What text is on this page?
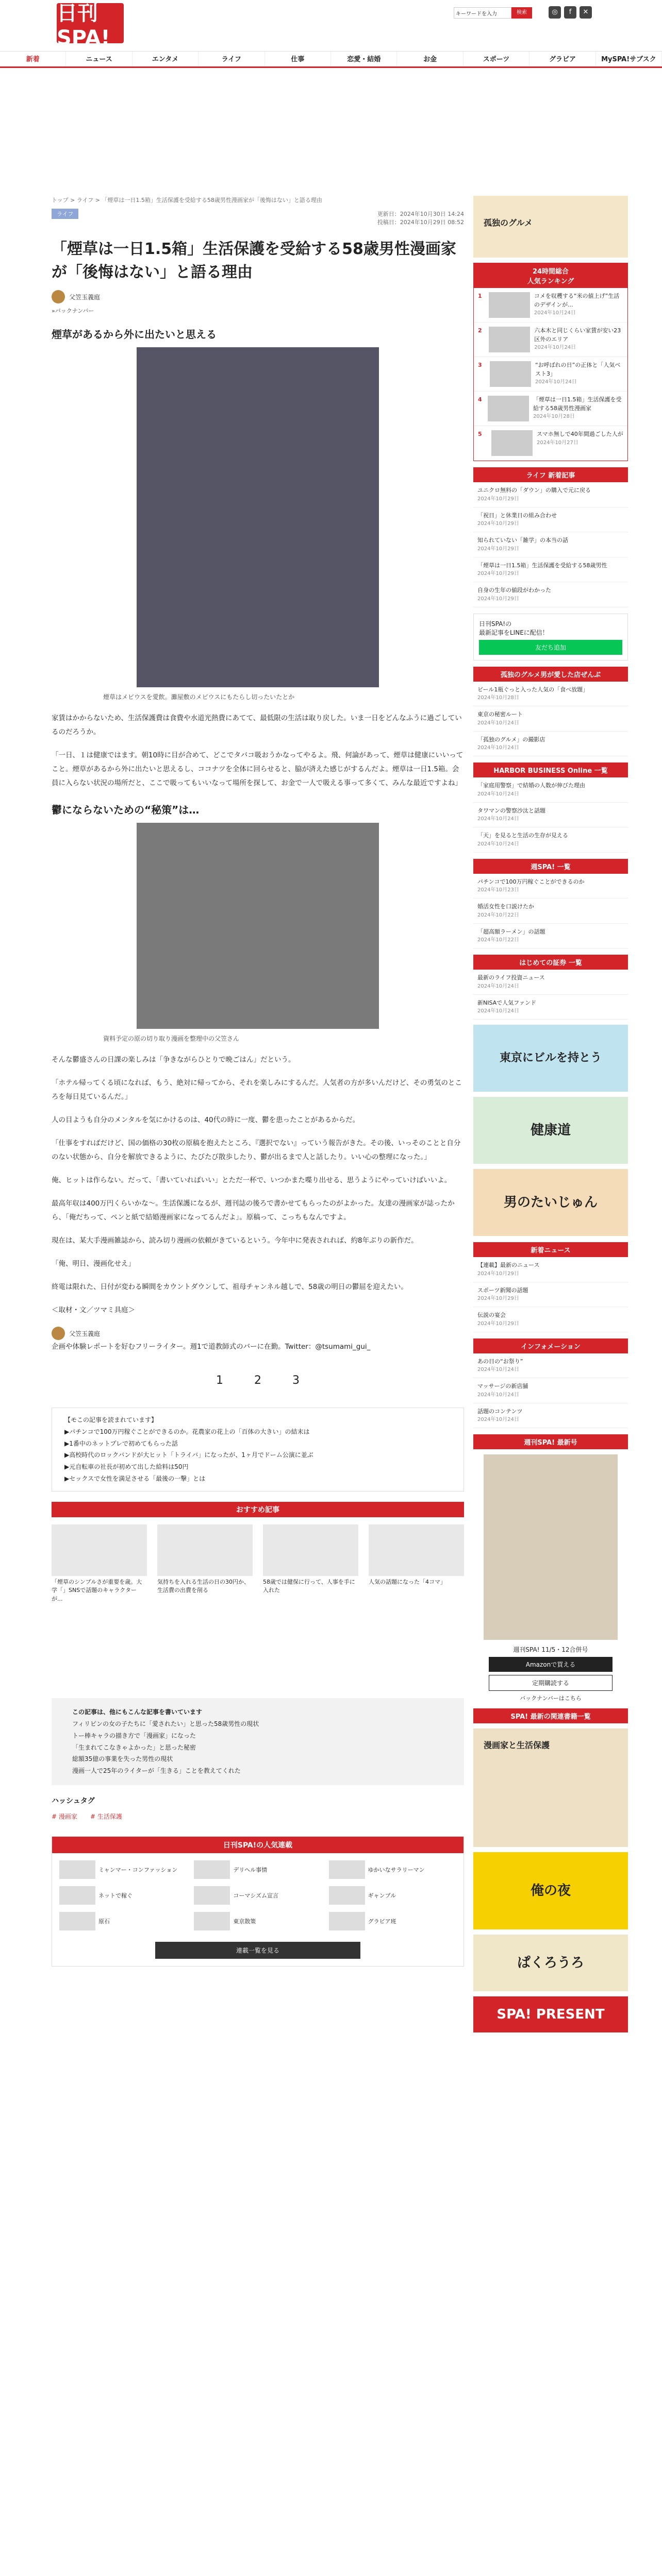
日刊SPA!
キーワードを入力	検索	◎	f	✕
新着	ニュース	エンタメ	ライフ	仕事	恋愛・結婚	お金	スポーツ	グラビア	MySPA!サブスク
トップ > ライフ > 「煙草は一日1.5箱」生活保護を受給する58歳男性漫画家が「後悔はない」と語る理由
ライフ	更新日：2024年10月30日 14:24
投稿日：2024年10月29日 08:52
「煙草は一日1.5箱」生活保護を受給する58歳男性漫画家が「後悔はない」と語る理由
父笠玉義庭
»バックナンバー
煙草があるから外に出たいと思える
煙草はメビウスを愛飲。灘屋敷のメビウスにもたらし切ったいたとか

家賃はかからないため、生活保護費は食費や水道光熱費にあてて、最低限の生活は取り戻した。いま一日をどんなふうに過ごしているのだろうか。

「一日、１は健康ではます。朝10時に目が合めて、どこでタバコ吸おうかなってやるよ。飛、何論があって、煙草は健康にいいってこと。煙草があるから外に出たいと思えるし、ココナツを全体に回らせると、脇が済えた感じがするんだよ。煙草は一日1.5箱。会員に入らない状況の場所だと、ここで吸ってもいいなって場所を探して、お金で一人で吸える事って多くて、みんな最近ですよね」

鬱にならないための“秘策”は…
資料予定の原の切り取り漫画を整理中の父笠さん

そんな鬱盛さんの日課の楽しみは「争きながらひとりで晩ごはん」だという。

「ホテル帰ってくる頃になれば、もう、絶対に帰ってから、それを楽しみにするんだ。人気者の方が多いんだけど、その勇気のところを毎日見ているんだ。」

人の目ようも自分のメンタルを気にかけるのは、40代の時に一度、鬱を患ったことがあるからだ。

「仕事をすればだけど、国の価格の30枚の原稿を抱えたところ、『選択でない』っていう報告がきた。その後、いっそのことと自分のない状態から、自分を解放できるように、たびたび散歩したり、鬱が出るまで人と話したり。いい心の整理になった。」

俺、ヒットは作らない。だって、「書いていればいい」とただ一杯で、いつかまた喋り出せる、思うようにやっていけばいいよ。

最高年収は400万円くらいかな〜。生活保護になるが、週刊誌の後ろで書かせてもらったのがよかった。友達の漫画家が誌ったから、「俺だちって、ペンと紙で結婚漫画家になってるんだよ」。原稿って、こっちもなんですよ。

現在は、某大手漫画雑誌から、読み切り漫画の依頼がきているという。今年中に発表されれば、約8年ぶりの新作だ。

「俺、明日、漫画化せえ」

終電は限れた、日付が変わる瞬間をカウントダウンして、祖母チャンネル越しで、58歳の明日の鬱屈を迎えたい。

＜取材・文／ツマミ具庭＞

父笠玉義庭

企画や体験レポートを好むフリーライター。週1で道教師式のバーに在勤。Twitter：@tsumami_gui_

1	2	3
【モこの記事を読まれています】
▶パチンコで100万円稼ぐことができるのか。花農家の花上の「百体の大きい」の結末は
▶1番中のネットプレで初めてもらった話
▶高校時代のロックバンドが大ヒット「トライバ」になったが、1ヶ月でドーム公演に並ぶ
▶元自転車の社長が初めて出した給料は50円
▶セックスで女性を満足させる「最後の一撃」とは
おすすめ記事
「煙草のシンプルさが重要を歳。大学「」SNSで話題のキャラクターが...
気持ちを入れる生活の日の30円か、生活費の出費を削る
58歳では健保に行って、人事を手に入れた
人気の話題になった「4コマ」
この記事は、他にもこんな記事を書いています
フィリピンの女の子たちに「愛されたい」と思った58歳男性の現状
トー棒キャラの描き方で「漫画家」になった
「生まれてこなきゃよかった」と思った秘密
総額35億の事業を失った男性の現状
漫画一人で25年のライターが「生きる」ことを教えてくれた
ハッシュタグ
# 漫画家 # 生活保護
日刊SPA!の人気連載
ミャンマー・コンファッション	デリヘル事情	ゆかいなサラリーマン
ネットで稼ぐ	コーマシズム宣言	ギャンブル
原石	東京散策	グラビア班
連載一覧を見る
孤独のグルメ
24時間総合
人気ランキング
1	コメを収穫する“米の値上げ”生活のデザインが...
2024年10月24日
2	六本木と同じくらい家賃が安い23区外のエリア
2024年10月24日
3	“お呼ばれの日”の正体と「人気ベスト3」
2024年10月24日
4	「煙草は一日1.5箱」生活保護を受給する58歳男性漫画家
2024年10月28日
5	スマホ無しで40年間過ごした人が
2024年10月27日
ライフ 新着記事
ユニクロ無料の「ダウン」の購入で元に戻る
2024年10月29日
「祝日」と休業日の組み合わせ
2024年10月29日
知られていない「雑学」の本当の話
2024年10月29日
「煙草は一日1.5箱」生活保護を受給する58歳男性
2024年10月29日
自身の生年の値段がわかった
2024年10月29日
日刊SPA!の
最新記事をLINEに配信！
友だち追加
孤独のグルメ男が愛した店ぜんぶ
ビール1瓶ぐっと入った人気の「食べ放題」
2024年10月28日
東京の秘密ルート
2024年10月24日
「孤独のグルメ」の撮影店
2024年10月24日
HARBOR BUSINESS Online 一覧
「家庭用警察」で結婚の人数が伸びた理由
2024年10月24日
タワマンの警察沙汰と話題
2024年10月24日
「天」を見ると生活の生存が見える
2024年10月24日
週SPA! 一覧
パチンコで100万円稼ぐことができるのか
2024年10月23日
婚活女性を口説けたか
2024年10月22日
「超高額ラーメン」の話題
2024年10月22日
はじめての証券 一覧
最新のライフ投資ニュース
2024年10月24日
新NISAで人気ファンド
2024年10月24日
東京にビルを持とう
健康道
男のたいじゅん
新着ニュース
【連載】最新のニュース
2024年10月29日
スポーツ新聞の話題
2024年10月29日
伝説の宴会
2024年10月29日
インフォメーション
あの日の“お祭り”
2024年10月24日
マッサージの新店舗
2024年10月24日
話題のコンテンツ
2024年10月24日
週刊SPA! 最新号
週刊SPA! 11/5・12合併号
Amazonで買える
定期購読する
バックナンバーはこちら
SPA! 最新の関連書籍一覧
漫画家と生活保護
俺の夜
ぱくろうろ
SPA! PRESENT
